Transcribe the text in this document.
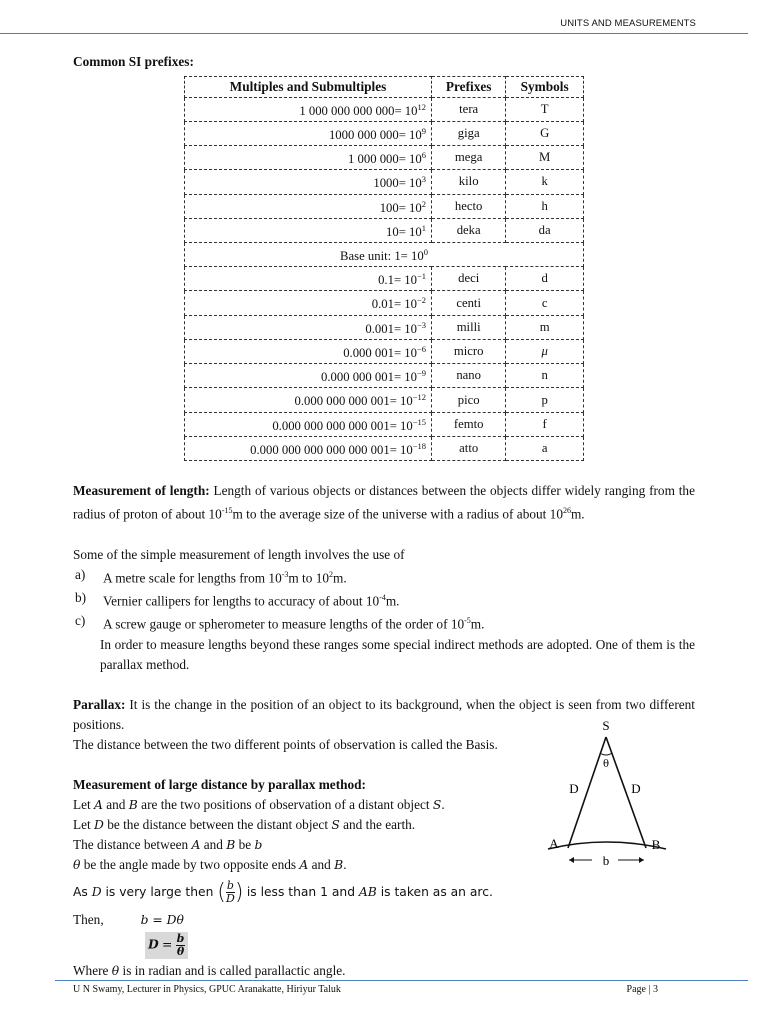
UNITS AND MEASUREMENTS

Common SI prefixes:

Multiples and Submultiples	Prefixes	Symbols
1 000 000 000 $000= 10^{12}$	tera	T
1000 000 $000= 10^9$	giga	G
1 000 $000= 10^6$	mega	M
$1000= 10^3$	kilo	k
$100= 10^2$	hecto	h
$10= 10^1$	deka	da
Base unit: $1= 10^0$
$0.1= 10^{-1}$	deci	d
$0.01= 10^{-2}$	centi	c
$0.001= 10^{-3}$	milli	m
0.000 $001= 10^{-6}$	micro	μ
0.000 000 $001= 10^{-9}$	nano	n
0.000 000 000 $001= 10^{-12}$	pico	p
0.000 000 000 000 $001= 10^{-15}$	femto	f
0.000 000 000 000 000 $001= 10^{-18}$	atto	a

Measurement of length: Length of various objects or distances between the objects differ widely ranging from the radius of proton of about $10^{-15}m$ to the average size of the universe with a radius of about $10^{26}m$.

Some of the simple measurement of length involves the use of

a) A metre scale for lengths from $10^{-3}m$ to $10^2m$.
b) Vernier callipers for lengths to accuracy of about $10^{-4}m$.
c) A screw gauge or spherometer to measure lengths of the order of $10^{-5}m$.

In order to measure lengths beyond these ranges some special indirect methods are adopted. One of them is the parallax method.

Parallax: It is the change in the position of an object to its background, when the object is seen from two different positions.

The distance between the two different points of observation is called the Basis.

Measurement of large distance by parallax method:

Let A and B are the two positions of observation of a distant object S.

Let D be the distance between the distant object S and the earth.

The distance between A and B be b

θ be the angle made by two opposite ends A and B.

As D is very large then ( $\frac{b}{D}$ ) is less than 1 and AB is taken as an arc.

Then,	b = Dθ

$D = \frac{b}{\theta}$

Where θ is in radian and is called parallactic angle.

S
θ
D	D
A	B
b
U N Swamy, Lecturer in Physics, GPUC Aranakatte, Hiriyur Taluk	Page | 3
